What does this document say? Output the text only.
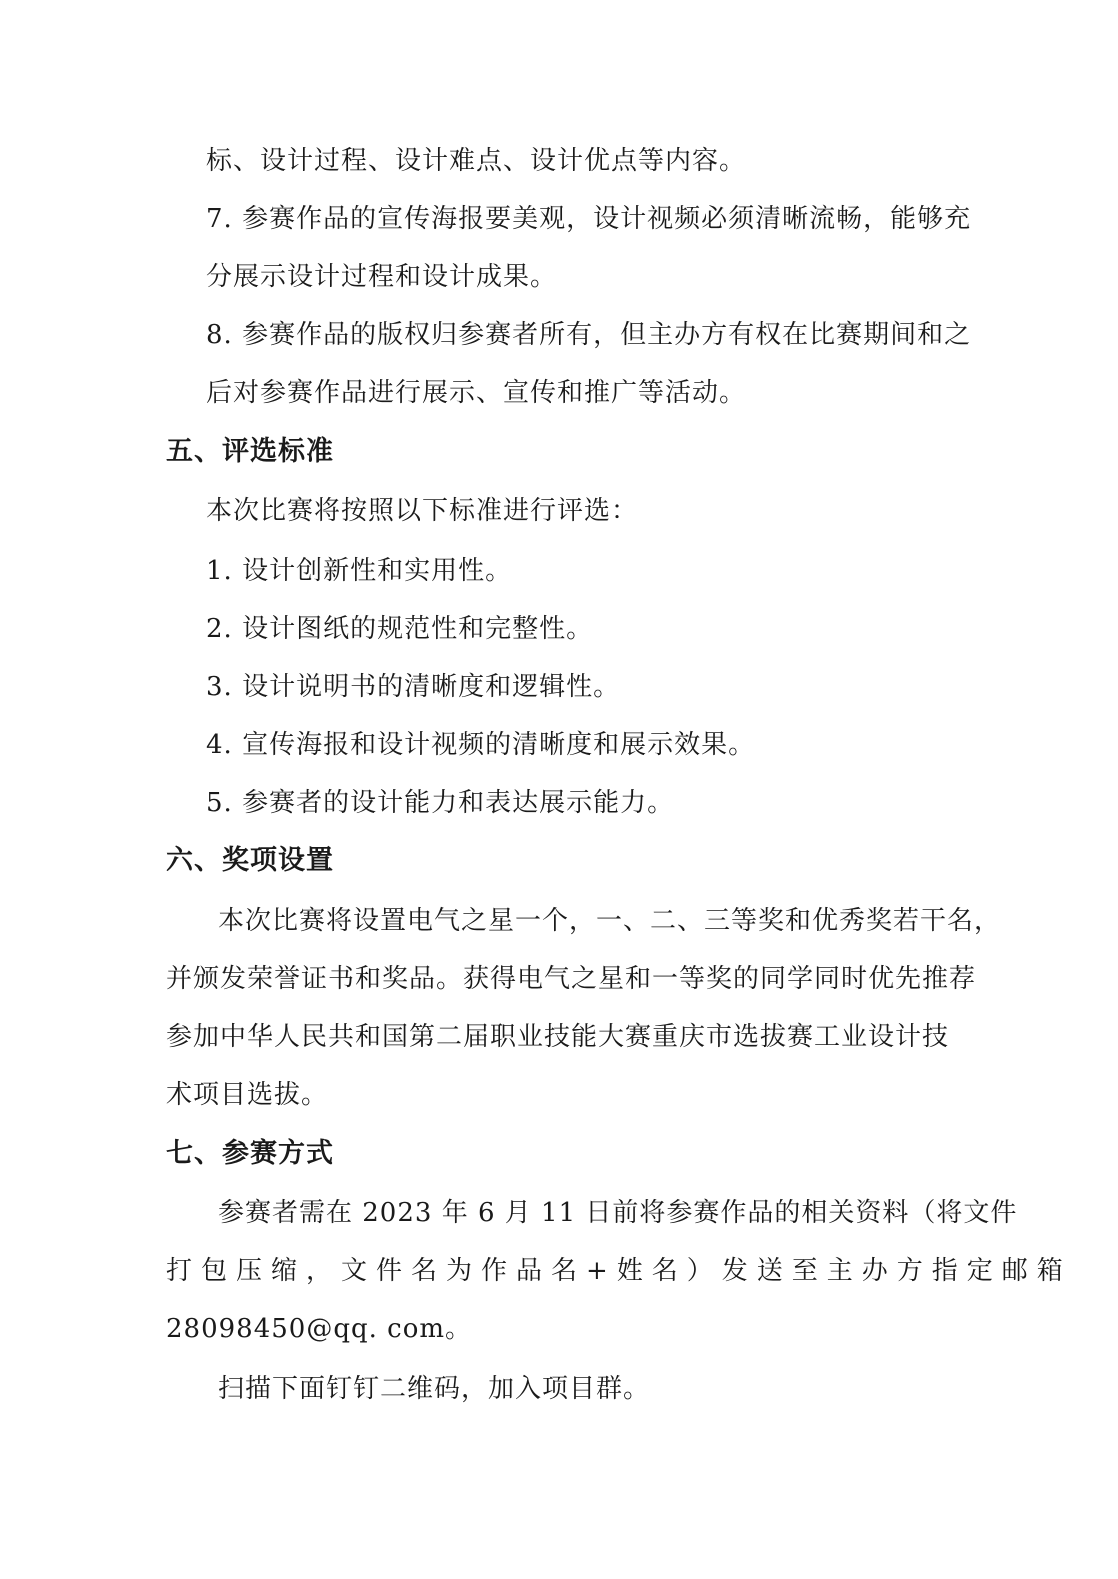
标、设计过程、设计难点、设计优点等内容。
7. 参赛作品的宣传海报要美观，设计视频必须清晰流畅，能够充
分展示设计过程和设计成果。
8. 参赛作品的版权归参赛者所有，但主办方有权在比赛期间和之
后对参赛作品进行展示、宣传和推广等活动。
五、评选标准
本次比赛将按照以下标准进行评选：
1. 设计创新性和实用性。
2. 设计图纸的规范性和完整性。
3. 设计说明书的清晰度和逻辑性。
4. 宣传海报和设计视频的清晰度和展示效果。
5. 参赛者的设计能力和表达展示能力。
六、奖项设置
本次比赛将设置电气之星一个，一、二、三等奖和优秀奖若干名，
并颁发荣誉证书和奖品。获得电气之星和一等奖的同学同时优先推荐
参加中华人民共和国第二届职业技能大赛重庆市选拔赛工业设计技
术项目选拔。
七、参赛方式
参赛者需在 2023 年 6 月 11 日前将参赛作品的相关资料（将文件
打包压缩，文件名为作品名+姓名）发送至主办方指定邮箱
28098450@qq. com。
扫描下面钉钉二维码，加入项目群。
